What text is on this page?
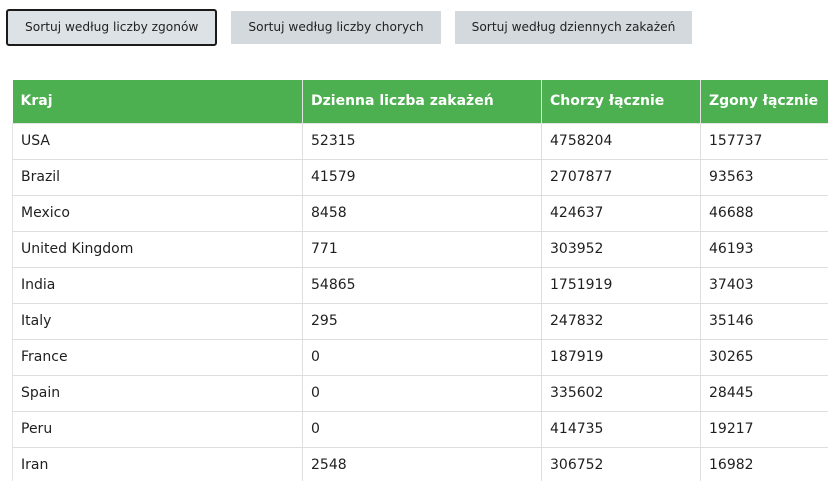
Sortuj według liczby zgonów	Sortuj według liczby chorych	Sortuj według dziennych zakażeń
Kraj	Dzienna liczba zakażeń	Chorzy łącznie	Zgony łącznie
USA	52315	4758204	157737
Brazil	41579	2707877	93563
Mexico	8458	424637	46688
United Kingdom	771	303952	46193
India	54865	1751919	37403
Italy	295	247832	35146
France	0	187919	30265
Spain	0	335602	28445
Peru	0	414735	19217
Iran	2548	306752	16982
